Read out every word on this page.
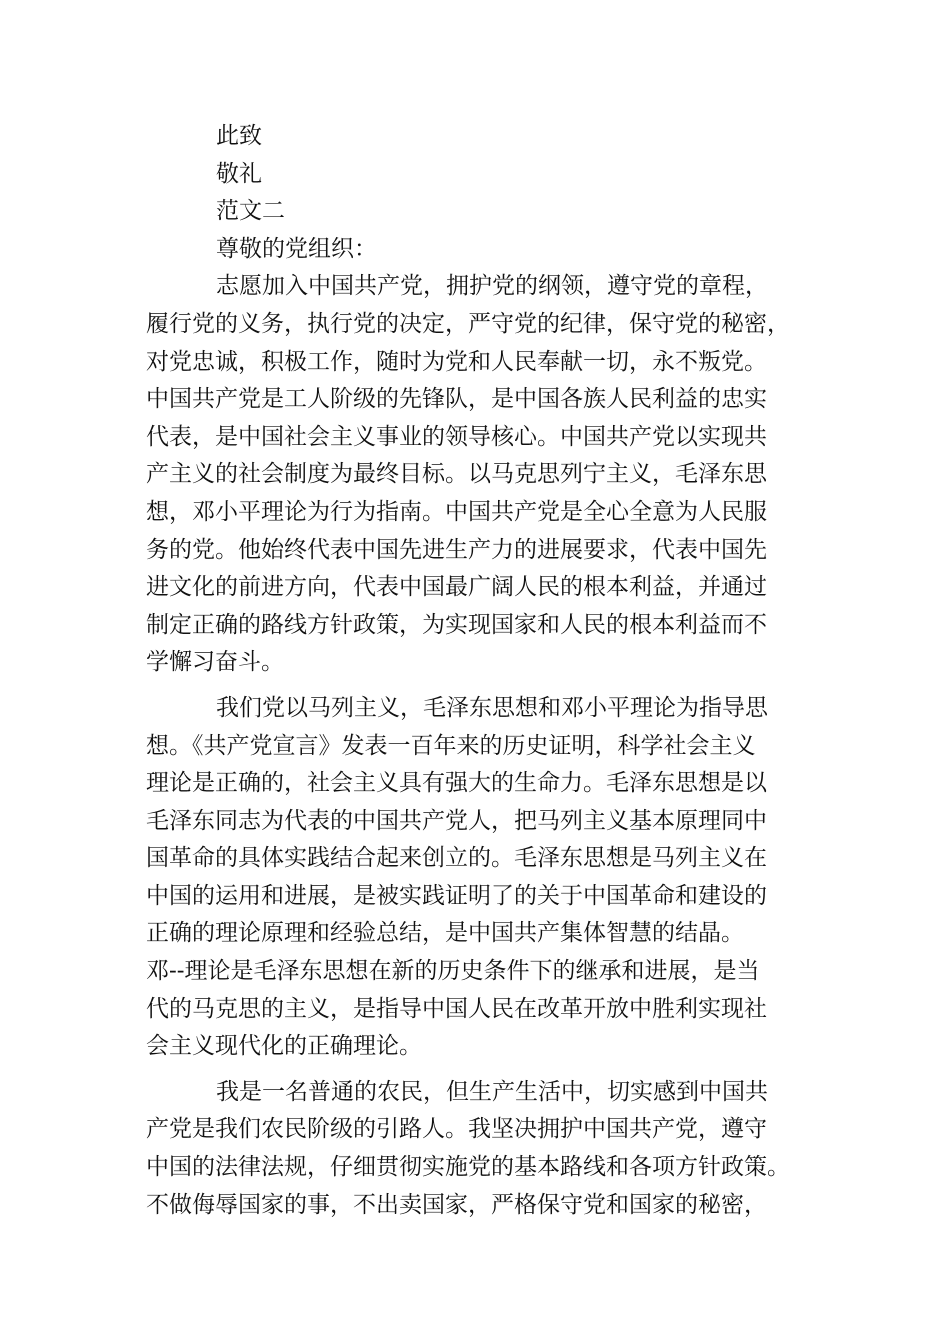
此致
敬礼
范文二
尊敬的党组织：
志愿加入中国共产党，拥护党的纲领，遵守党的章程，
履行党的义务，执行党的决定，严守党的纪律，保守党的秘密，
对党忠诚，积极工作，随时为党和人民奉献一切，永不叛党。
中国共产党是工人阶级的先锋队，是中国各族人民利益的忠实
代表，是中国社会主义事业的领导核心。中国共产党以实现共
产主义的社会制度为最终目标。以马克思列宁主义，毛泽东思
想，邓小平理论为行为指南。中国共产党是全心全意为人民服
务的党。他始终代表中国先进生产力的进展要求，代表中国先
进文化的前进方向，代表中国最广阔人民的根本利益，并通过
制定正确的路线方针政策，为实现国家和人民的根本利益而不
学懈习奋斗。
我们党以马列主义，毛泽东思想和邓小平理论为指导思
想。《共产党宣言》发表一百年来的历史证明，科学社会主义
理论是正确的，社会主义具有强大的生命力。毛泽东思想是以
毛泽东同志为代表的中国共产党人，把马列主义基本原理同中
国革命的具体实践结合起来创立的。毛泽东思想是马列主义在
中国的运用和进展，是被实践证明了的关于中国革命和建设的
正确的理论原理和经验总结，是中国共产集体智慧的结晶。
邓--理论是毛泽东思想在新的历史条件下的继承和进展，是当
代的马克思的主义，是指导中国人民在改革开放中胜利实现社
会主义现代化的正确理论。
我是一名普通的农民，但生产生活中，切实感到中国共
产党是我们农民阶级的引路人。我坚决拥护中国共产党，遵守
中国的法律法规，仔细贯彻实施党的基本路线和各项方针政策。
不做侮辱国家的事，不出卖国家，严格保守党和国家的秘密，
